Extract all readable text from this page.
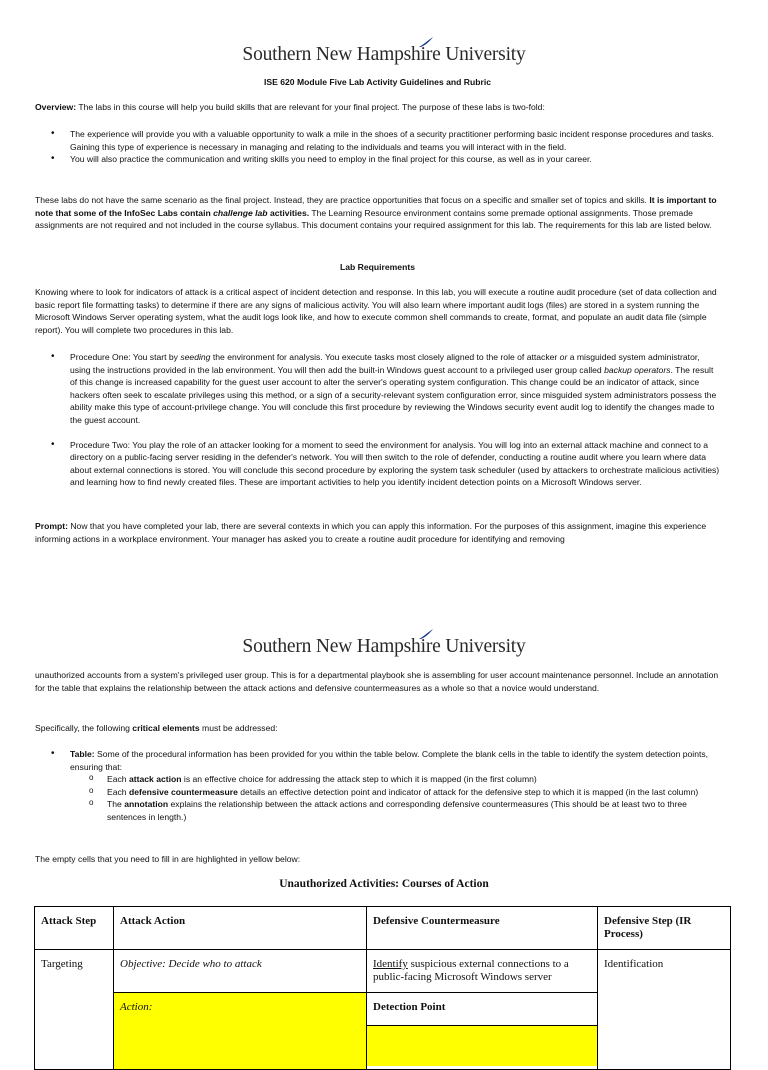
Southern New Hampshire University
ISE 620 Module Five Lab Activity Guidelines and Rubric
Overview: The labs in this course will help you build skills that are relevant for your final project. The purpose of these labs is two-fold:
• The experience will provide you with a valuable opportunity to walk a mile in the shoes of a security practitioner performing basic incident response procedures and tasks. Gaining this type of experience is necessary in managing and relating to the individuals and teams you will interact with in the field.
• You will also practice the communication and writing skills you need to employ in the final project for this course, as well as in your career.
These labs do not have the same scenario as the final project. Instead, they are practice opportunities that focus on a specific and smaller set of topics and skills. It is important to note that some of the InfoSec Labs contain challenge lab activities. The Learning Resource environment contains some premade optional assignments. Those premade assignments are not required and not included in the course syllabus. This document contains your required assignment for this lab. The requirements for this lab are listed below.
Lab Requirements
Knowing where to look for indicators of attack is a critical aspect of incident detection and response. In this lab, you will execute a routine audit procedure (set of data collection and basic report file formatting tasks) to determine if there are any signs of malicious activity. You will also learn where important audit logs (files) are stored in a system running the Microsoft Windows Server operating system, what the audit logs look like, and how to execute common shell commands to create, format, and populate an audit data file (simple report). You will complete two procedures in this lab.
• Procedure One: You start by seeding the environment for analysis. You execute tasks most closely aligned to the role of attacker or a misguided system administrator, using the instructions provided in the lab environment. You will then add the built-in Windows guest account to a privileged user group called backup operators. The result of this change is increased capability for the guest user account to alter the server's operating system configuration. This change could be an indicator of attack, since hackers often seek to escalate privileges using this method, or a sign of a security-relevant system configuration error, since misguided system administrators possess the ability make this type of account-privilege change. You will conclude this first procedure by reviewing the Windows security event audit log to identify the changes made to the guest account.
• Procedure Two: You play the role of an attacker looking for a moment to seed the environment for analysis. You will log into an external attack machine and connect to a directory on a public-facing server residing in the defender's network. You will then switch to the role of defender, conducting a routine audit where you learn where data about external connections is stored. You will conclude this second procedure by exploring the system task scheduler (used by attackers to orchestrate malicious activities) and learning how to find newly created files. These are important activities to help you identify incident detection points on a Microsoft Windows server.
Prompt: Now that you have completed your lab, there are several contexts in which you can apply this information. For the purposes of this assignment, imagine this experience informing actions in a workplace environment. Your manager has asked you to create a routine audit procedure for identifying and removing
Southern New Hampshire University
unauthorized accounts from a system's privileged user group. This is for a departmental playbook she is assembling for user account maintenance personnel. Include an annotation for the table that explains the relationship between the attack actions and defensive countermeasures as a whole so that a novice would understand.
Specifically, the following critical elements must be addressed:
• Table: Some of the procedural information has been provided for you within the table below. Complete the blank cells in the table to identify the system detection points, ensuring that:
o Each attack action is an effective choice for addressing the attack step to which it is mapped (in the first column)
o Each defensive countermeasure details an effective detection point and indicator of attack for the defensive step to which it is mapped (in the last column)
o The annotation explains the relationship between the attack actions and corresponding defensive countermeasures (This should be at least two to three sentences in length.)
The empty cells that you need to fill in are highlighted in yellow below:
Unauthorized Activities: Courses of Action
Attack Step	Attack Action	Defensive Countermeasure	Defensive Step (IR Process)
Targeting	Objective: Decide who to attack	Identify suspicious external connections to a public-facing Microsoft Windows server	Identification
	Action:	Detection Point	
